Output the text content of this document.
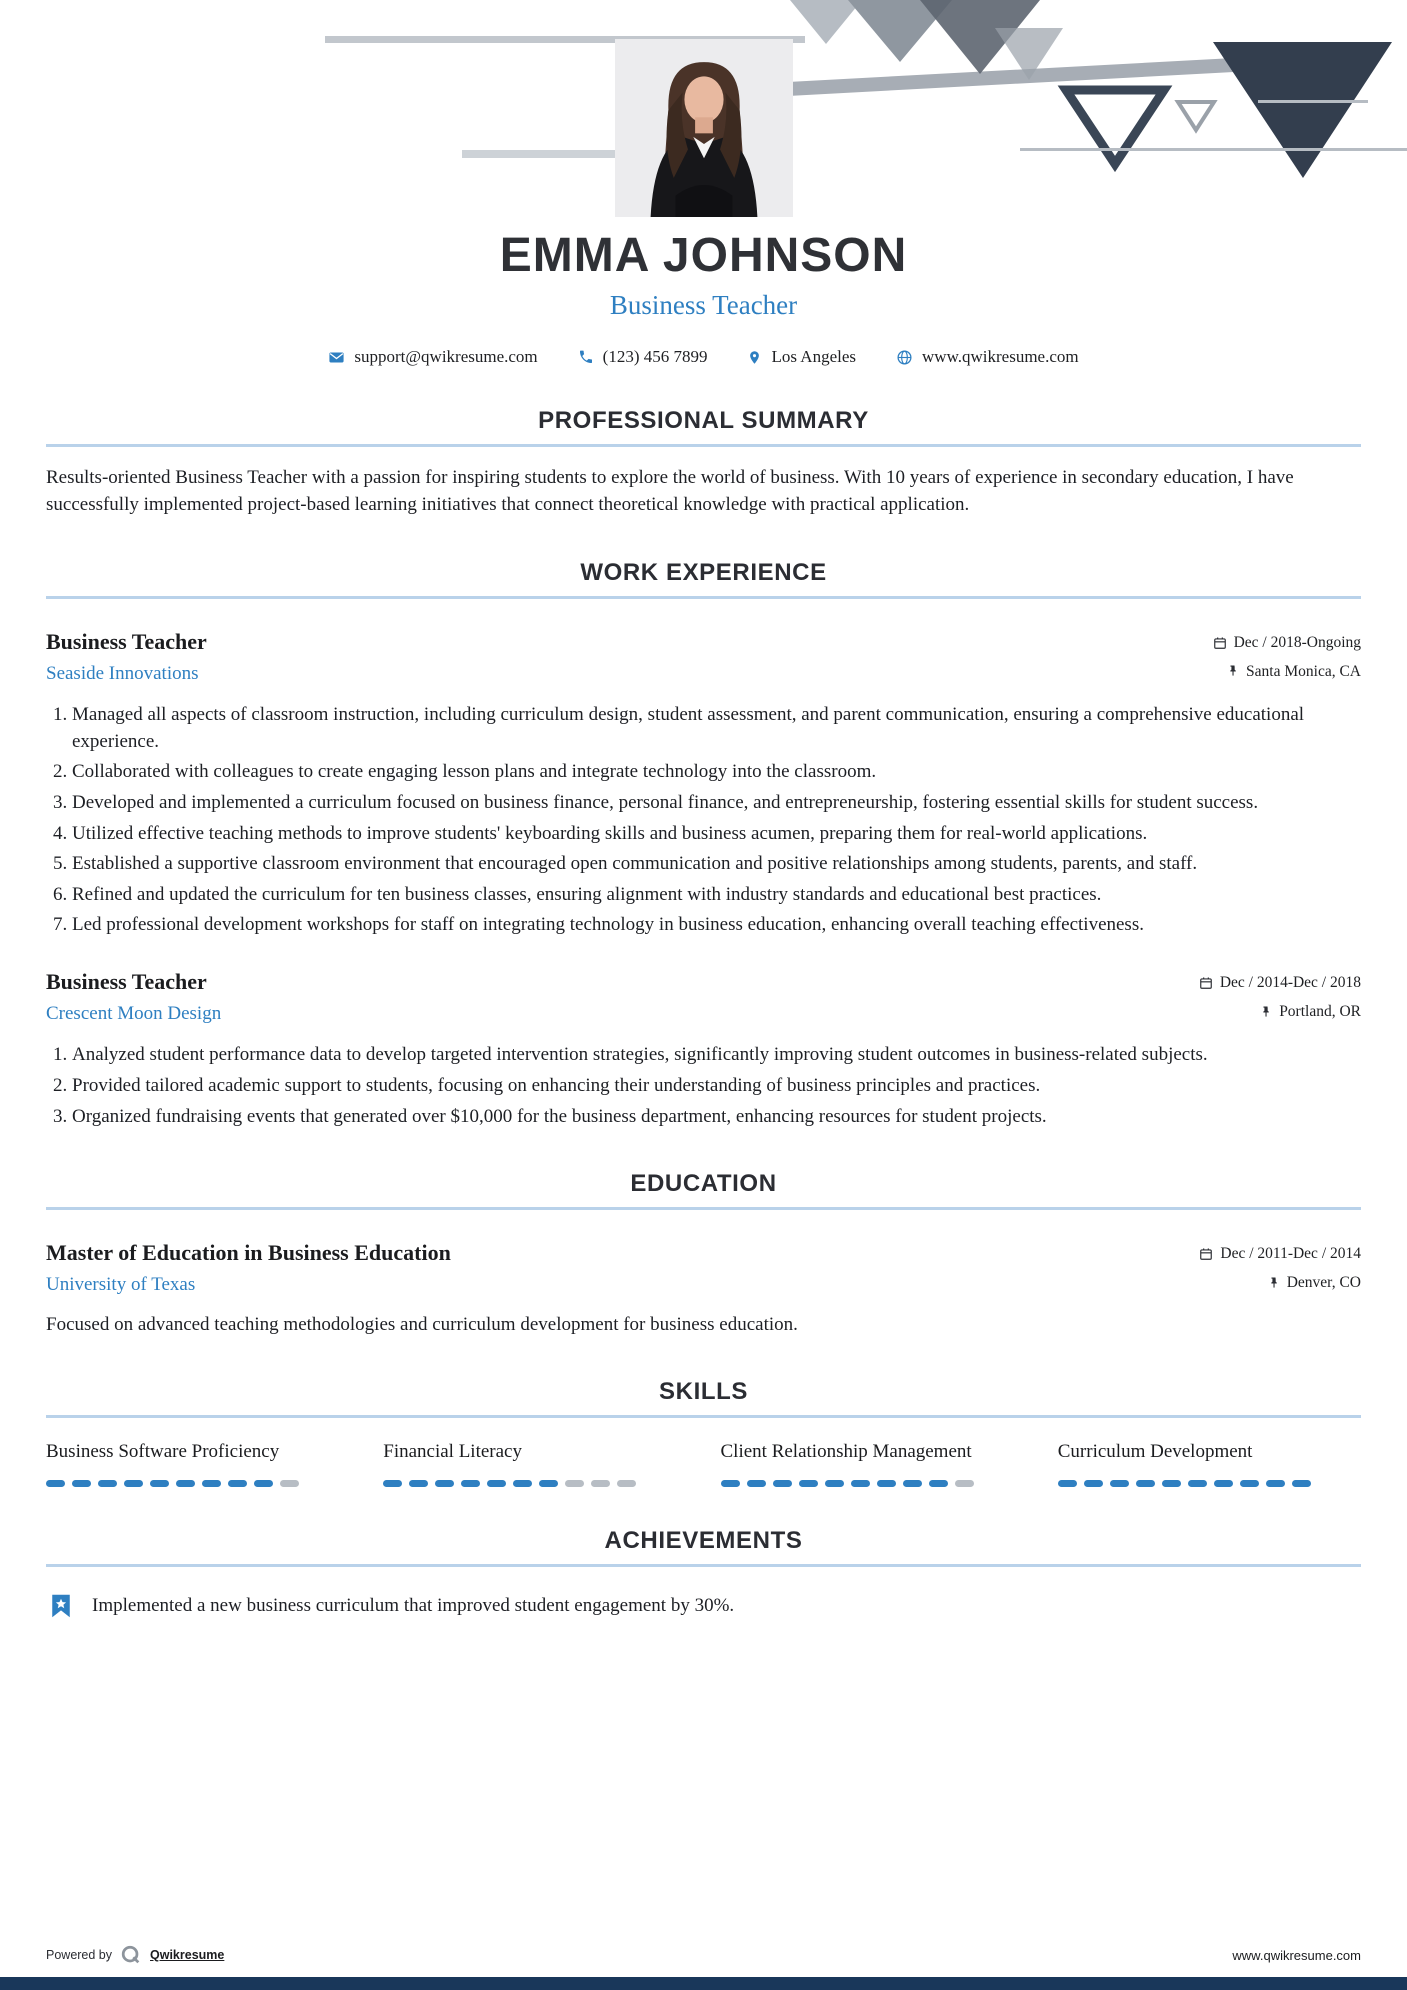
EMMA JOHNSON
Business Teacher
support@qwikresume.com	(123) 456 7899	Los Angeles	www.qwikresume.com
PROFESSIONAL SUMMARY

Results-oriented Business Teacher with a passion for inspiring students to explore the world of business. With 10 years of experience in secondary education, I have successfully implemented project-based learning initiatives that connect theoretical knowledge with practical application.

WORK EXPERIENCE
Business Teacher
Seaside Innovations
Dec / 2018-Ongoing
Santa Monica, CA
1. Managed all aspects of classroom instruction, including curriculum design, student assessment, and parent communication, ensuring a comprehensive educational experience.
2. Collaborated with colleagues to create engaging lesson plans and integrate technology into the classroom.
3. Developed and implemented a curriculum focused on business finance, personal finance, and entrepreneurship, fostering essential skills for student success.
4. Utilized effective teaching methods to improve students' keyboarding skills and business acumen, preparing them for real-world applications.
5. Established a supportive classroom environment that encouraged open communication and positive relationships among students, parents, and staff.
6. Refined and updated the curriculum for ten business classes, ensuring alignment with industry standards and educational best practices.
7. Led professional development workshops for staff on integrating technology in business education, enhancing overall teaching effectiveness.
Business Teacher
Crescent Moon Design
Dec / 2014-Dec / 2018
Portland, OR
1. Analyzed student performance data to develop targeted intervention strategies, significantly improving student outcomes in business-related subjects.
2. Provided tailored academic support to students, focusing on enhancing their understanding of business principles and practices.
3. Organized fundraising events that generated over $10,000 for the business department, enhancing resources for student projects.
EDUCATION
Master of Education in Business Education
University of Texas
Dec / 2011-Dec / 2014
Denver, CO

Focused on advanced teaching methodologies and curriculum development for business education.

SKILLS
Business Software Proficiency	Financial Literacy	Client Relationship Management	Curriculum Development
ACHIEVEMENTS
Implemented a new business curriculum that improved student engagement by 30%.
Powered by	Qwikresume	www.qwikresume.com
